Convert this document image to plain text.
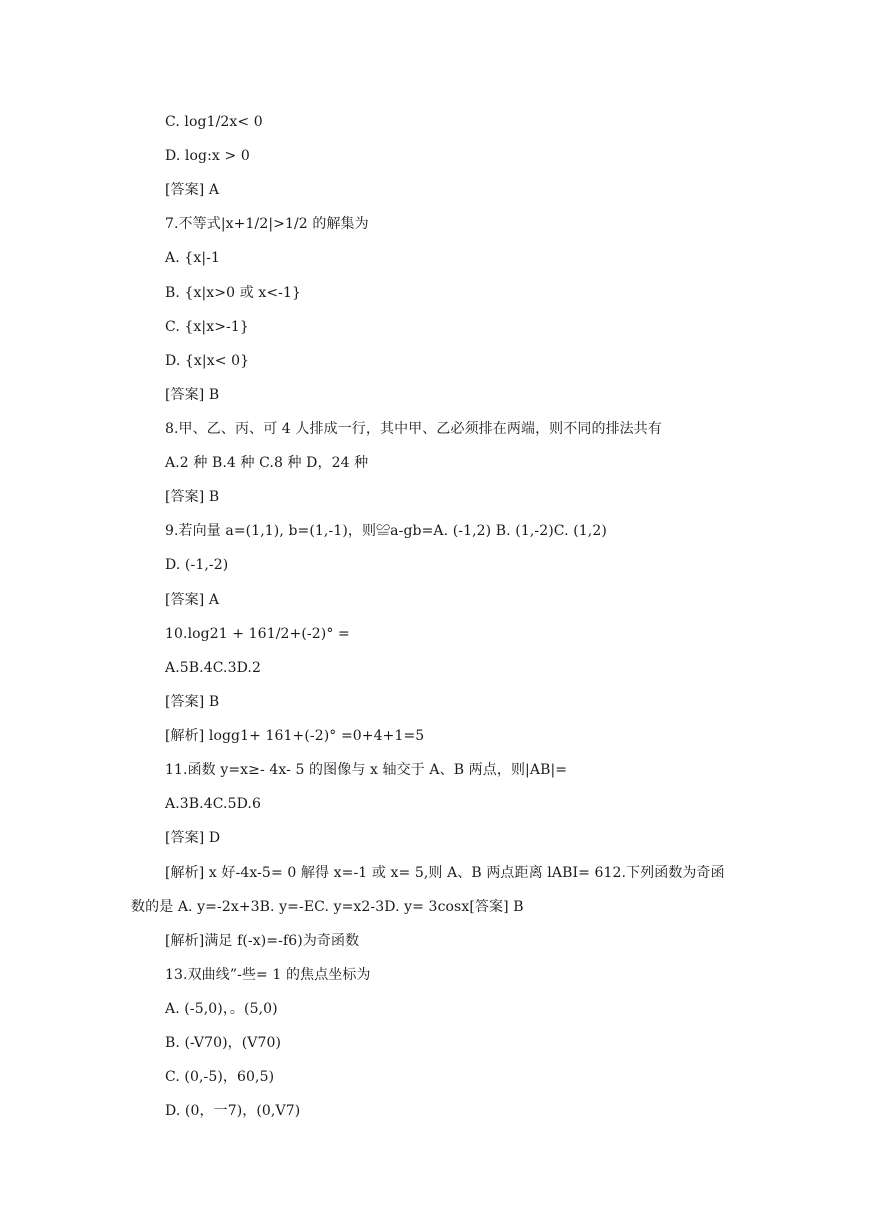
C. log1/2x< 0
D. log:x > 0
[答案] A
7.不等式|x+1/2|>1/2 的解集为
A. {x|-1
B. {x|x>0 或 x<-1}
C. {x|x>-1}
D. {x|x< 0}
[答案] B
8.甲、乙、丙、可 4 人排成一行，其中甲、乙必须排在两端，则不同的排法共有
A.2 种 B.4 种 C.8 种 D，24 种
[答案] B
9.若向量 a=(1,1), b=(1,-1)，则≌a-gb=A. (-1,2) B. (1,-2)C. (1,2)
D. (-1,-2)
[答案] A
10.log21 + 161/2+(-2)° =
A.5B.4C.3D.2
[答案] B
[解析] logg1+ 161+(-2)° =0+4+1=5
11.函数 y=x≥- 4x- 5 的图像与 x 轴交于 A、B 两点，则|AB|=
A.3B.4C.5D.6
[答案] D
[解析] x 好-4x-5= 0 解得 x=-1 或 x= 5,则 A、B 两点距离 lABI= 612.下列函数为奇函
数的是 A. y=-2x+3B. y=-EC. y=x2-3D. y= 3cosx[答案] B
[解析]满足 f(-x)=-f6)为奇函数
13.双曲线”-些= 1 的焦点坐标为
A. (-5,0)，。(5,0)
B. (-V70)，(V70)
C. (0,-5)，60,5)
D. (0，一7)，(0,V7)
